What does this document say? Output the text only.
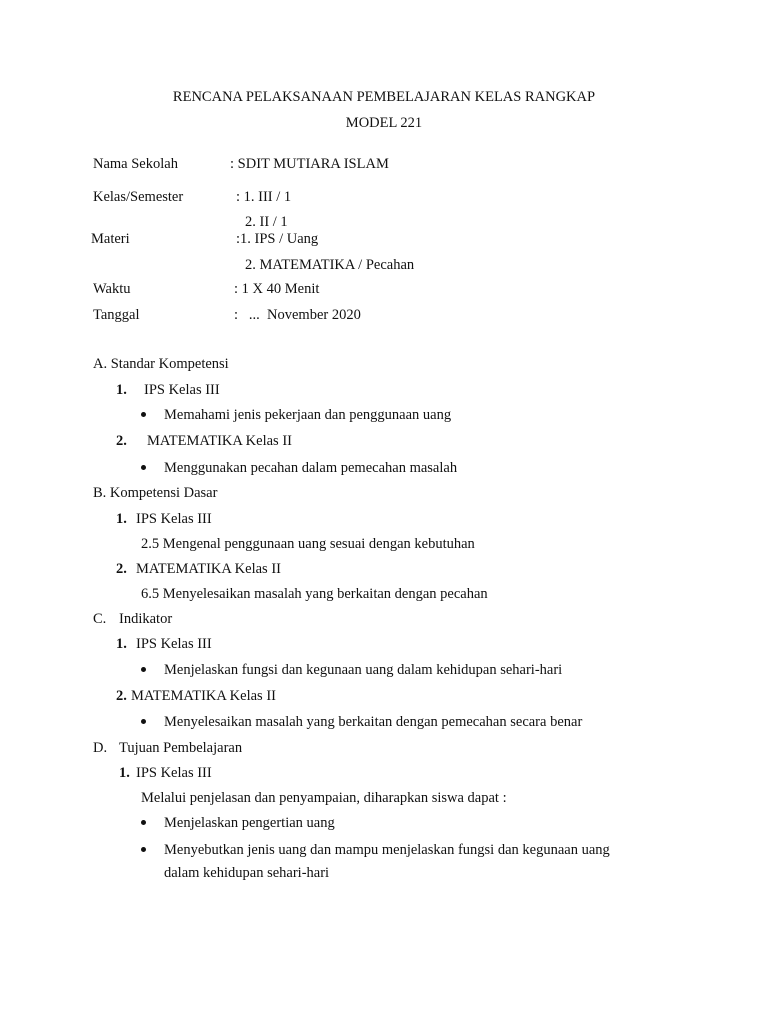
RENCANA PELAKSANAAN PEMBELAJARAN KELAS RANGKAP
MODEL 221
Nama Sekolah	: SDIT MUTIARA ISLAM
Kelas/Semester	: 1. III / 1
2. II / 1
Materi	:1. IPS / Uang
2. MATEMATIKA / Pecahan
Waktu	: 1 X 40 Menit
Tanggal	:   ...  November 2020
A. Standar Kompetensi
1. IPS Kelas III
Memahami jenis pekerjaan dan penggunaan uang
2. MATEMATIKA Kelas II
Menggunakan pecahan dalam pemecahan masalah
B. Kompetensi Dasar
1. IPS Kelas III
2.5 Mengenal penggunaan uang sesuai dengan kebutuhan
2. MATEMATIKA Kelas II
6.5 Menyelesaikan masalah yang berkaitan dengan pecahan
C. Indikator
1. IPS Kelas III
Menjelaskan fungsi dan kegunaan uang dalam kehidupan sehari-hari
2. MATEMATIKA Kelas II
Menyelesaikan masalah yang berkaitan dengan pemecahan secara benar
D. Tujuan Pembelajaran
1. IPS Kelas III
Melalui penjelasan dan penyampaian, diharapkan siswa dapat :
Menjelaskan pengertian uang
Menyebutkan jenis uang dan mampu menjelaskan fungsi dan kegunaan uang
dalam kehidupan sehari-hari
